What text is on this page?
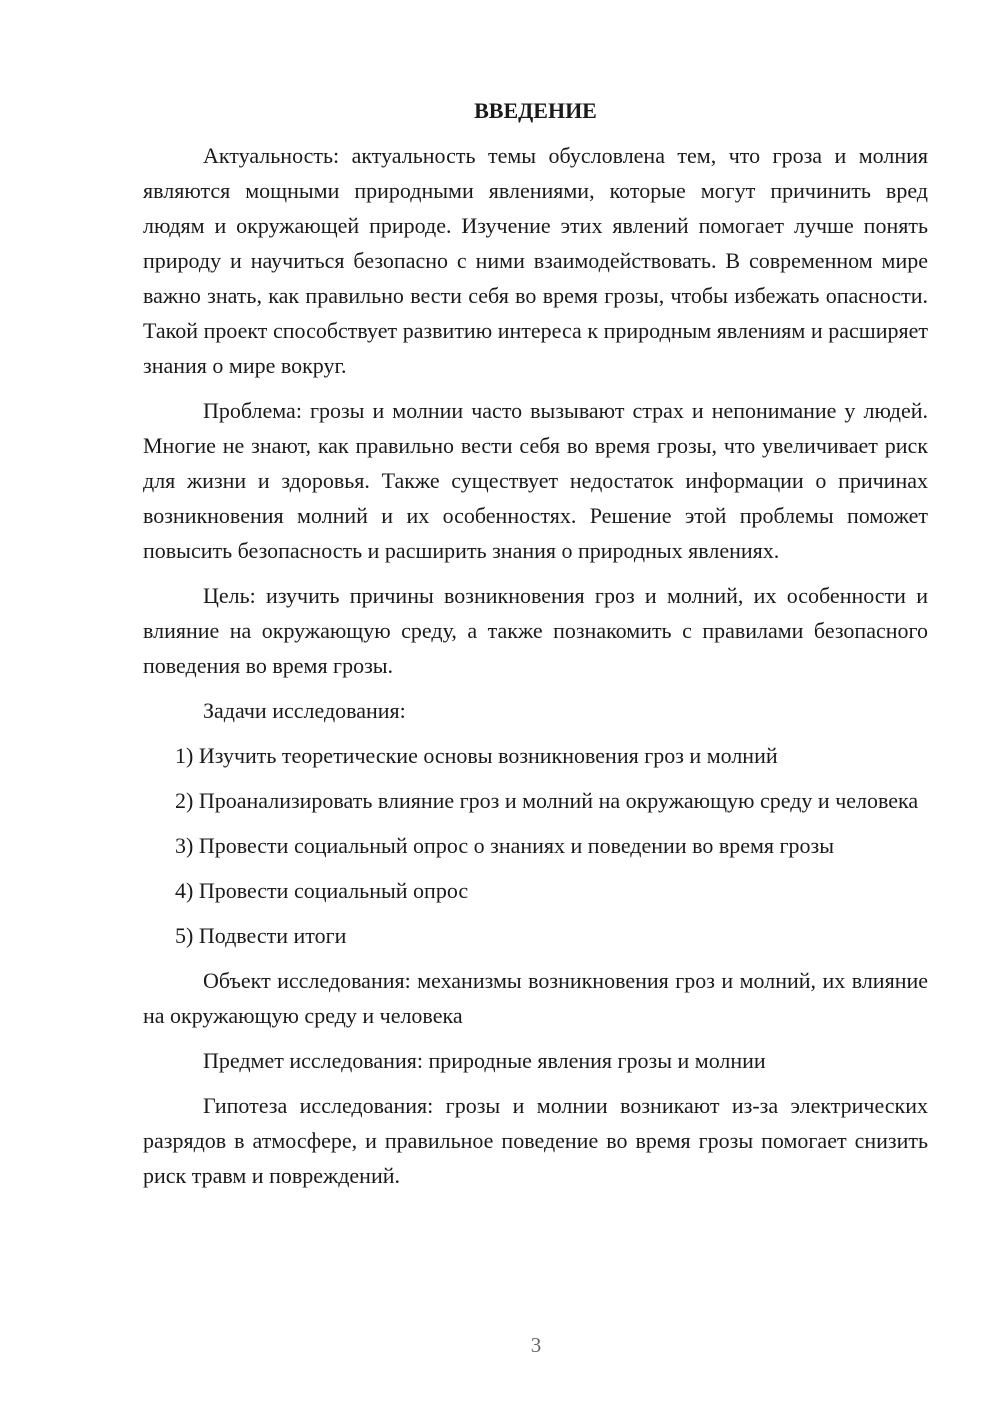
ВВЕДЕНИЕ

Актуальность: актуальность темы обусловлена тем, что гроза и молния являются мощными природными явлениями, которые могут причинить вред людям и окружающей природе. Изучение этих явлений помогает лучше понять природу и научиться безопасно с ними взаимодействовать. В современном мире важно знать, как правильно вести себя во время грозы, чтобы избежать опасности. Такой проект способствует развитию интереса к природным явлениям и расширяет знания о мире вокруг.

Проблема: грозы и молнии часто вызывают страх и непонимание у людей. Многие не знают, как правильно вести себя во время грозы, что увеличивает риск для жизни и здоровья. Также существует недостаток информации о причинах возникновения молний и их особенностях. Решение этой проблемы поможет повысить безопасность и расширить знания о природных явлениях.

Цель: изучить причины возникновения гроз и молний, их особенности и влияние на окружающую среду, а также познакомить с правилами безопасного поведения во время грозы.

Задачи исследования:

1) Изучить теоретические основы возникновения гроз и молний

2) Проанализировать влияние гроз и молний на окружающую среду и человека

3) Провести социальный опрос о знаниях и поведении во время грозы

4) Провести социальный опрос

5) Подвести итоги

Объект исследования: механизмы возникновения гроз и молний, их влияние на окружающую среду и человека

Предмет исследования: природные явления грозы и молнии

Гипотеза исследования: грозы и молнии возникают из-за электрических разрядов в атмосфере, и правильное поведение во время грозы помогает снизить риск травм и повреждений.

3
